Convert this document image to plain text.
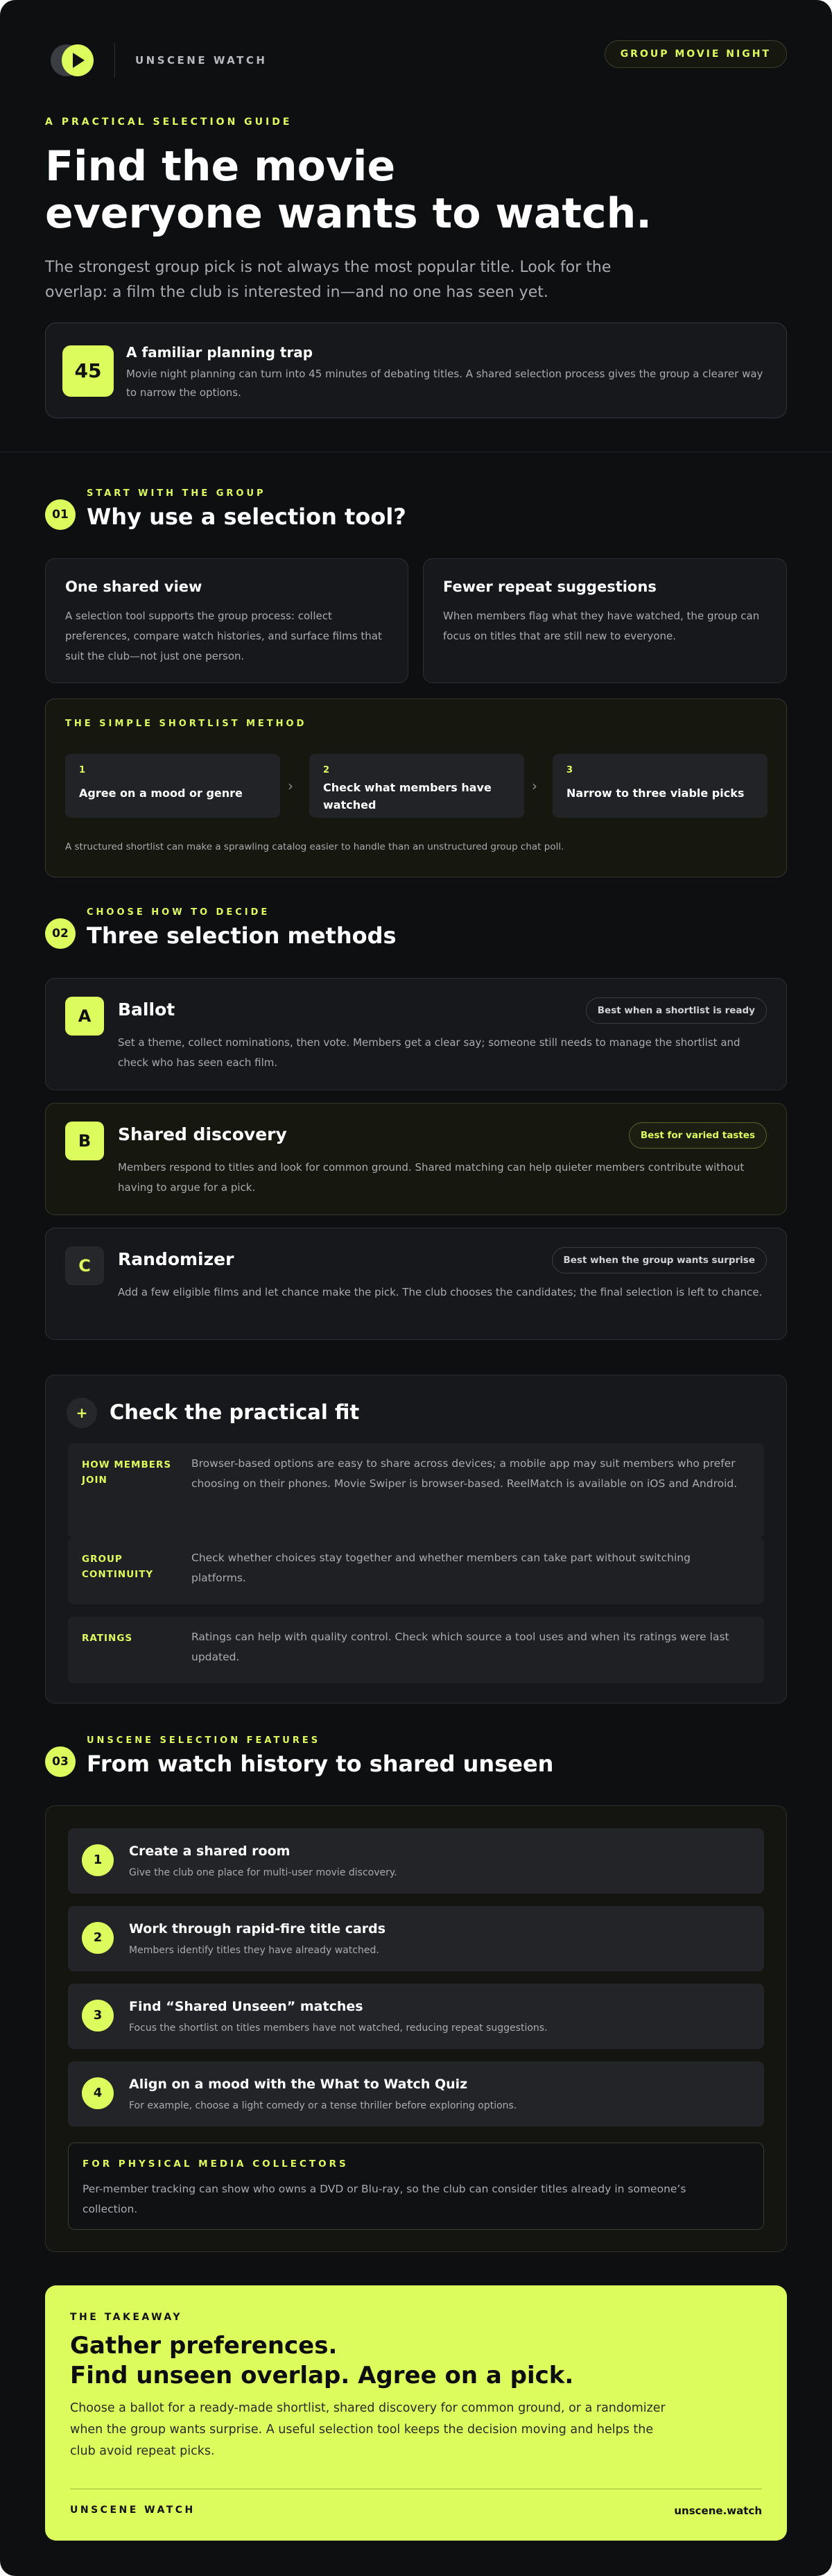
UNSCENE WATCH	GROUP MOVIE NIGHT
A PRACTICAL SELECTION GUIDE
Find the movie
everyone wants to watch.

The strongest group pick is not always the most popular title. Look for the overlap: a film the club is interested in—and no one has seen yet.

45
A familiar planning trap
Movie night planning can turn into 45 minutes of debating titles. A shared selection process gives the group a clearer way to narrow the options.
01
START WITH THE GROUP
Why use a selection tool?
One shared view
A selection tool supports the group process: collect preferences, compare watch histories, and surface films that suit the club—not just one person.
Fewer repeat suggestions
When members flag what they have watched, the group can focus on titles that are still new to everyone.
THE SIMPLE SHORTLIST METHOD
1
Agree on a mood or genre	›
2
Check what members have watched
›
3
Narrow to three viable picks
A structured shortlist can make a sprawling catalog easier to handle than an unstructured group chat poll.
02
CHOOSE HOW TO DECIDE
Three selection methods
A	Ballot	Best when a shortlist is ready
Set a theme, collect nominations, then vote. Members get a clear say; someone still needs to manage the shortlist and check who has seen each film.
B	Shared discovery	Best for varied tastes
Members respond to titles and look for common ground. Shared matching can help quieter members contribute without having to argue for a pick.
C	Randomizer	Best when the group wants surprise
Add a few eligible films and let chance make the pick. The club chooses the candidates; the final selection is left to chance.
+	Check the practical fit
HOW MEMBERS JOIN
Browser-based options are easy to share across devices; a mobile app may suit members who prefer choosing on their phones. Movie Swiper is browser-based. ReelMatch is available on iOS and Android.
GROUP CONTINUITY
Check whether choices stay together and whether members can take part without switching platforms.
RATINGS	Ratings can help with quality control. Check which source a tool uses and when its ratings were last updated.
03
UNSCENE SELECTION FEATURES
From watch history to shared unseen
1
Create a shared room
Give the club one place for multi-user movie discovery.
2
Work through rapid-fire title cards
Members identify titles they have already watched.
3
Find “Shared Unseen” matches
Focus the shortlist on titles members have not watched, reducing repeat suggestions.
4
Align on a mood with the What to Watch Quiz
For example, choose a light comedy or a tense thriller before exploring options.
FOR PHYSICAL MEDIA COLLECTORS
Per-member tracking can show who owns a DVD or Blu-ray, so the club can consider titles already in someone’s collection.
THE TAKEAWAY
Gather preferences.
Find unseen overlap. Agree on a pick.
Choose a ballot for a ready-made shortlist, shared discovery for common ground, or a randomizer when the group wants surprise. A useful selection tool keeps the decision moving and helps the club avoid repeat picks.
UNSCENE WATCH	unscene.watch
